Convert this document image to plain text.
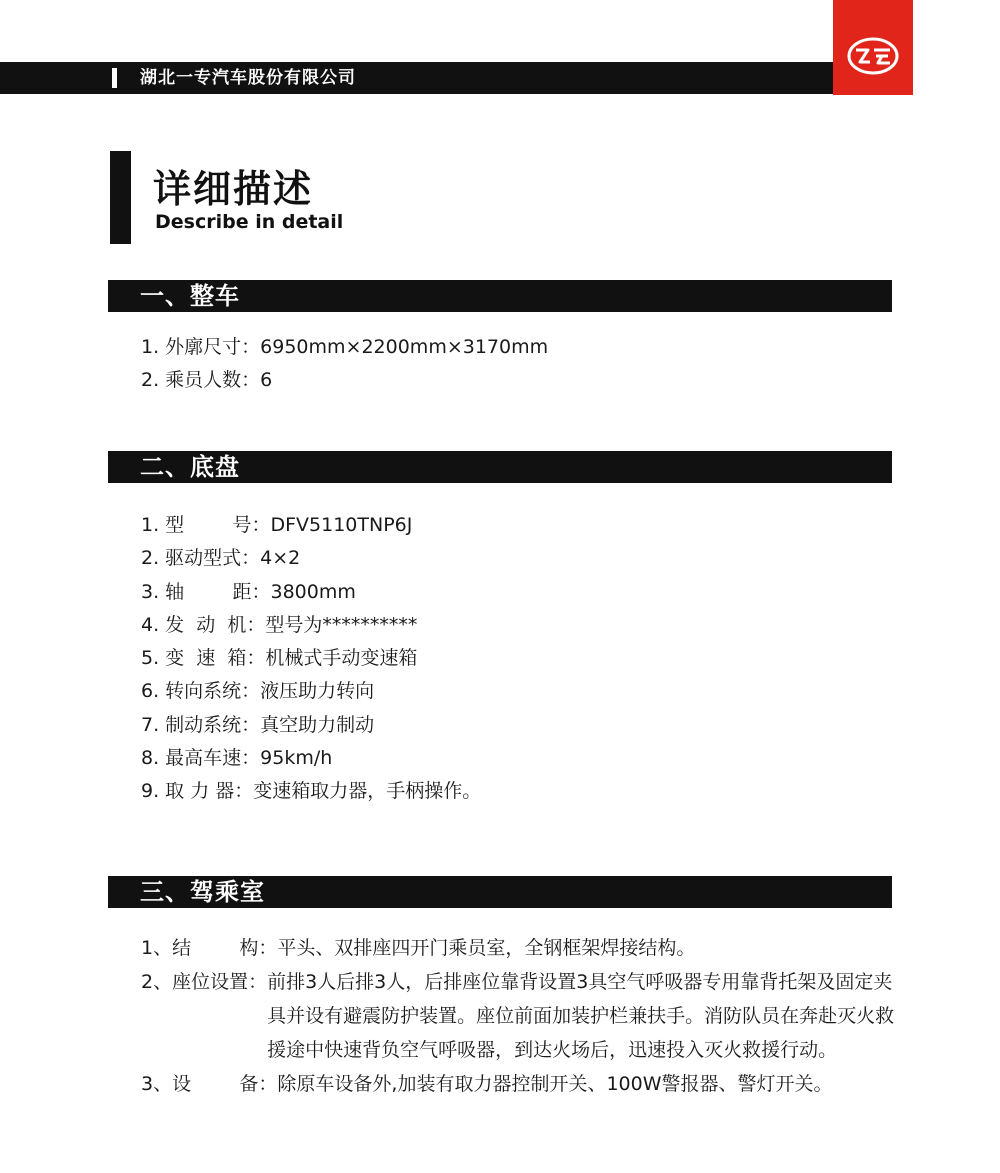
湖北一专汽车股份有限公司
详细描述
Describe in detail
一、整车
1. 外廓尺寸：6950mm×2200mm×3170mm
2. 乘员人数：6
二、底盘
1. 型        号：DFV5110TNP6J
2. 驱动型式：4×2
3. 轴        距：3800mm
4. 发  动  机：型号为**********
5. 变  速  箱：机械式手动变速箱
6. 转向系统：液压助力转向
7. 制动系统：真空助力制动
8. 最高车速：95km/h
9. 取 力 器：变速箱取力器，手柄操作。
三、驾乘室
1、结        构： 平头、双排座四开门乘员室，全钢框架焊接结构。
2、座位设置： 前排3人后排3人，后排座位靠背设置3具空气呼吸器专用靠背托架及固定夹具并设有避震防护装置。座位前面加装护栏兼扶手。消防队员在奔赴灭火救援途中快速背负空气呼吸器，到达火场后，迅速投入灭火救援行动。
3、设        备： 除原车设备外,加装有取力器控制开关、100W警报器、警灯开关。
